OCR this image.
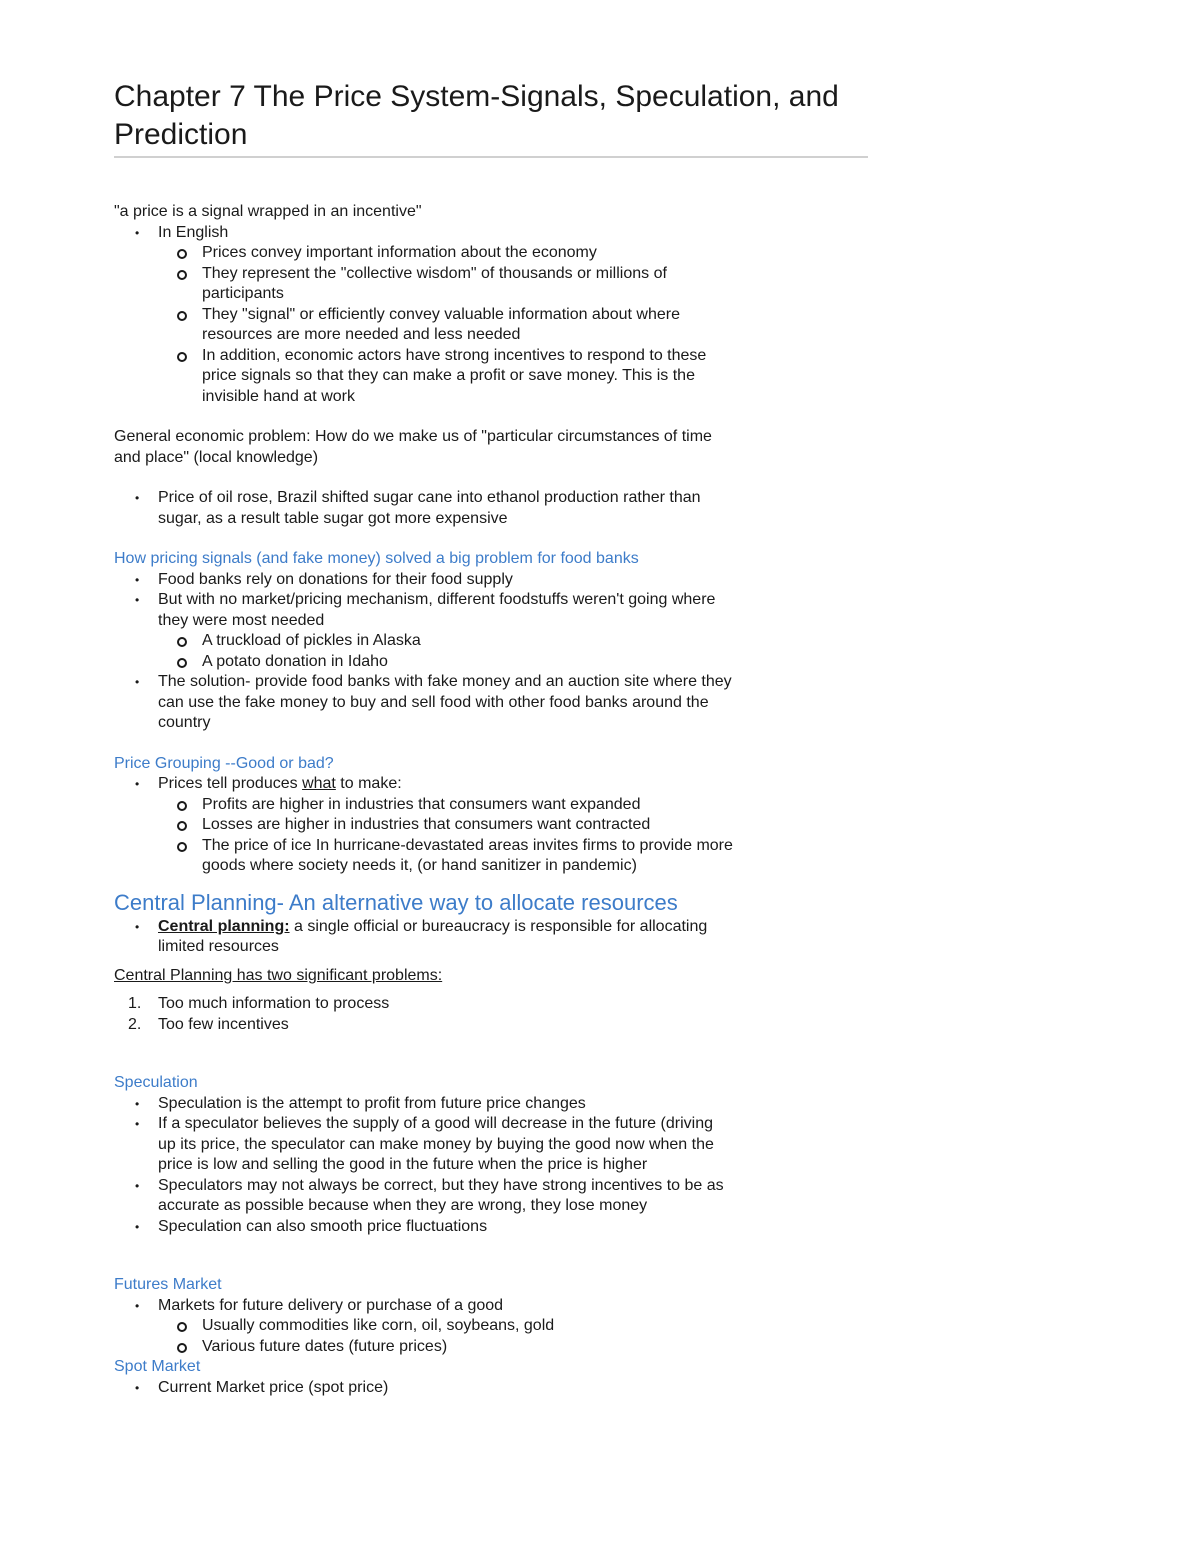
Chapter 7 The Price System-Signals, Speculation, and Prediction

"a price is a signal wrapped in an incentive"

• In English
Prices convey important information about the economy
They represent the "collective wisdom" of thousands or millions of participants
They "signal" or efficiently convey valuable information about where resources are more needed and less needed
In addition, economic actors have strong incentives to respond to these price signals so that they can make a profit or save money. This is the invisible hand at work

General economic problem: How do we make us of "particular circumstances of time and place" (local knowledge)

• Price of oil rose, Brazil shifted sugar cane into ethanol production rather than sugar, as a result table sugar got more expensive

How pricing signals (and fake money) solved a big problem for food banks

• Food banks rely on donations for their food supply
• But with no market/pricing mechanism, different foodstuffs weren't going where they were most needed
A truckload of pickles in Alaska
A potato donation in Idaho
• The solution- provide food banks with fake money and an auction site where they can use the fake money to buy and sell food with other food banks around the country

Price Grouping --Good or bad?

• Prices tell produces what to make:
Profits are higher in industries that consumers want expanded
Losses are higher in industries that consumers want contracted
The price of ice In hurricane-devastated areas invites firms to provide more goods where society needs it, (or hand sanitizer in pandemic)

Central Planning- An alternative way to allocate resources

• Central planning: a single official or bureaucracy is responsible for allocating limited resources

Central Planning has two significant problems:

1. Too much information to process
2. Too few incentives

Speculation

• Speculation is the attempt to profit from future price changes
• If a speculator believes the supply of a good will decrease in the future (driving up its price, the speculator can make money by buying the good now when the price is low and selling the good in the future when the price is higher
• Speculators may not always be correct, but they have strong incentives to be as accurate as possible because when they are wrong, they lose money
• Speculation can also smooth price fluctuations

Futures Market

• Markets for future delivery or purchase of a good
Usually commodities like corn, oil, soybeans, gold
Various future dates (future prices)

Spot Market

• Current Market price (spot price)
